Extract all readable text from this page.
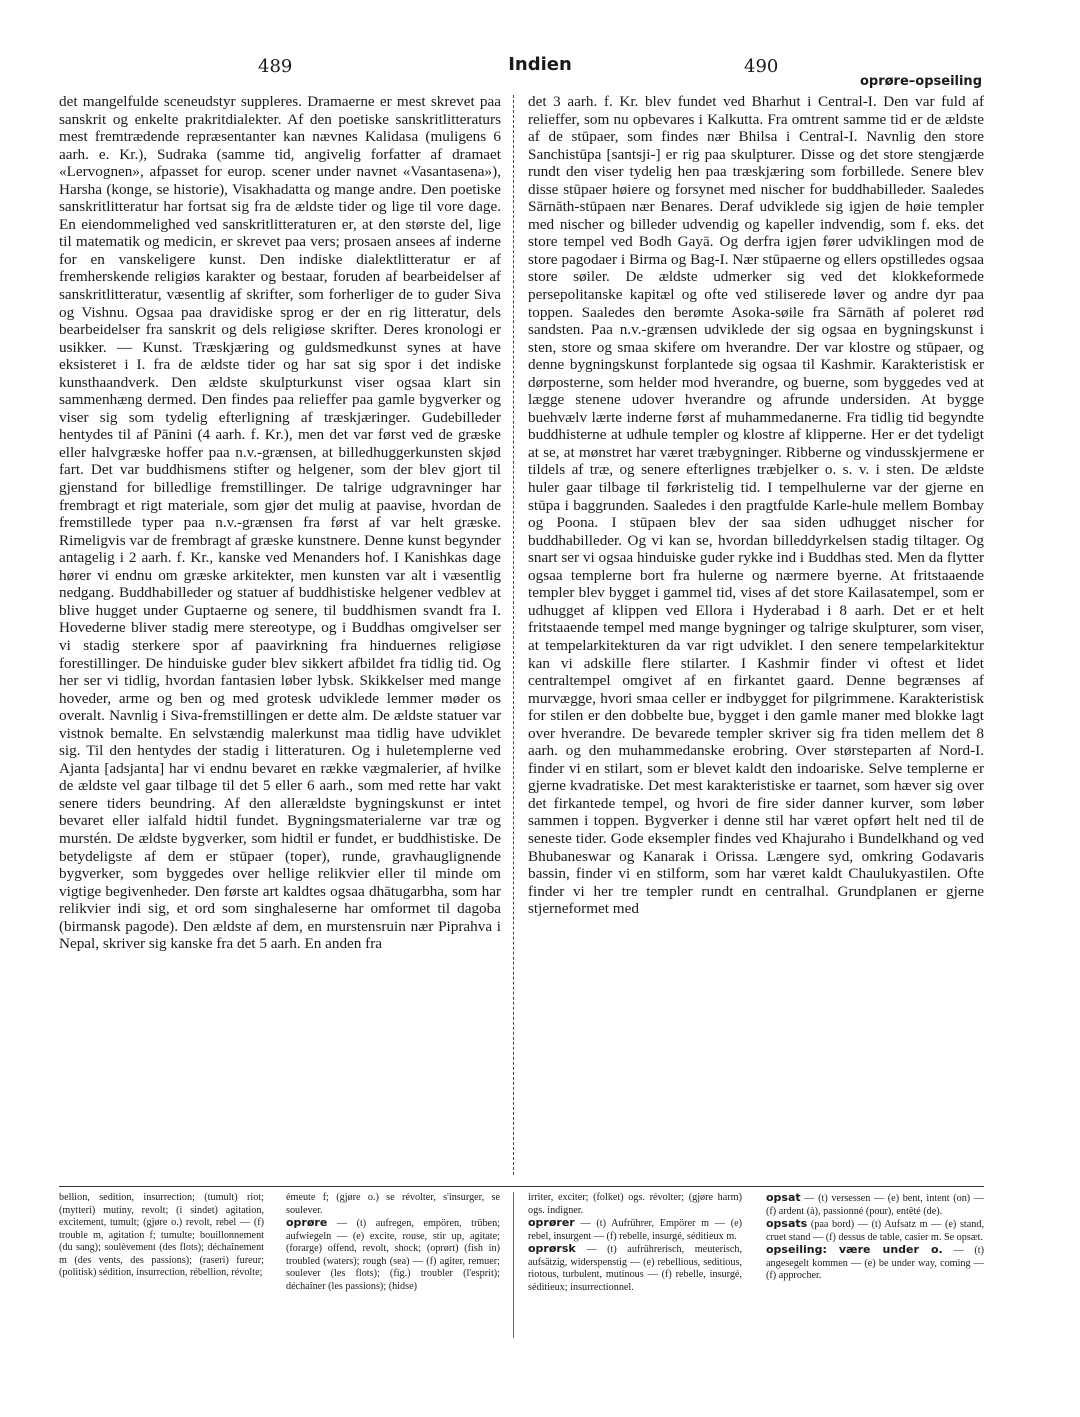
489	Indien	490
oprøre–opseiling

det mangelfulde sceneudstyr suppleres. Dramaerne er mest skrevet paa sanskrit og enkelte prakritdialekter. Af den poetiske sanskritlitteraturs mest fremtrædende repræsentanter kan nævnes Kalidasa (muligens 6 aarh. e. Kr.), Sudraka (samme tid, angivelig forfatter af dramaet «Lervognen», afpasset for europ. scener under navnet «Vasantasena»), Harsha (konge, se historie), Visakhadatta og mange andre. Den poetiske sanskritlitteratur har fortsat sig fra de ældste tider og lige til vore dage. En eiendommelighed ved sanskritlitteraturen er, at den største del, lige til matematik og medicin, er skrevet paa vers; prosaen ansees af inderne for en vanskeligere kunst. Den indiske dialektlitteratur er af fremherskende religiøs karakter og bestaar, foruden af bearbeidelser af sanskritlitteratur, væsentlig af skrifter, som forherliger de to guder Siva og Vishnu. Ogsaa paa dravidiske sprog er der en rig litteratur, dels bearbeidelser fra sanskrit og dels religiøse skrifter. Deres kronologi er usikker. — Kunst. Træskjæring og guldsmedkunst synes at have eksisteret i I. fra de ældste tider og har sat sig spor i det indiske kunsthaandverk. Den ældste skulpturkunst viser ogsaa klart sin sammenhæng dermed. Den findes paa relieffer paa gamle bygverker og viser sig som tydelig efterligning af træskjæringer. Gudebilleder hentydes til af Pānini (4 aarh. f. Kr.), men det var først ved de græske eller halvgræske hoffer paa n.v.-grænsen, at billedhuggerkunsten skjød fart. Det var buddhismens stifter og helgener, som der blev gjort til gjenstand for billedlige fremstillinger. De talrige udgravninger har frembragt et rigt materiale, som gjør det mulig at paavise, hvordan de fremstillede typer paa n.v.-grænsen fra først af var helt græske. Rimeligvis var de frembragt af græske kunstnere. Denne kunst begynder antagelig i 2 aarh. f. Kr., kanske ved Menanders hof. I Kanishkas dage hører vi endnu om græske arkitekter, men kunsten var alt i væsentlig nedgang. Buddhabilleder og statuer af buddhistiske helgener vedblev at blive hugget under Guptaerne og senere, til buddhismen svandt fra I. Hovederne bliver stadig mere stereotype, og i Buddhas omgivelser ser vi stadig sterkere spor af paavirkning fra hinduernes religiøse forestillinger. De hinduiske guder blev sikkert afbildet fra tidlig tid. Og her ser vi tidlig, hvordan fantasien løber lybsk. Skikkelser med mange hoveder, arme og ben og med grotesk udviklede lemmer møder os overalt. Navnlig i Siva-fremstillingen er dette alm. De ældste statuer var vistnok bemalte. En selvstændig malerkunst maa tidlig have udviklet sig. Til den hentydes der stadig i litteraturen. Og i huletemplerne ved Ajanta [adsjanta] har vi endnu bevaret en række vægmalerier, af hvilke de ældste vel gaar tilbage til det 5 eller 6 aarh., som med rette har vakt senere tiders beundring. Af den allerældste bygningskunst er intet bevaret eller ialfald hidtil fundet. Bygningsmaterialerne var træ og murstén. De ældste bygverker, som hidtil er fundet, er buddhistiske. De betydeligste af dem er stūpaer (toper), runde, gravhauglignende bygverker, som byggedes over hellige relikvier eller til minde om vigtige begivenheder. Den første art kaldtes ogsaa dhātugarbha, som har relikvier indi sig, et ord som singhaleserne har omformet til dagoba (birmansk pagode). Den ældste af dem, en murstensruin nær Piprahva i Nepal, skriver sig kanske fra det 5 aarh. En anden fra

det 3 aarh. f. Kr. blev fundet ved Bharhut i Central-I. Den var fuld af relieffer, som nu opbevares i Kalkutta. Fra omtrent samme tid er de ældste af de stūpaer, som findes nær Bhilsa i Central-I. Navnlig den store Sanchistūpa [santsji-] er rig paa skulpturer. Disse og det store stengjærde rundt den viser tydelig hen paa træskjæring som forbillede. Senere blev disse stūpaer høiere og forsynet med nischer for buddhabilleder. Saaledes Sārnāth-stūpaen nær Benares. Deraf udviklede sig igjen de høie templer med nischer og billeder udvendig og kapeller indvendig, som f. eks. det store tempel ved Bodh Gayā. Og derfra igjen fører udviklingen mod de store pagodaer i Birma og Bag-I. Nær stūpaerne og ellers opstilledes ogsaa store søiler. De ældste udmerker sig ved det klokkeformede persepolitanske kapitæl og ofte ved stiliserede løver og andre dyr paa toppen. Saaledes den berømte Asoka-søile fra Sārnāth af poleret rød sandsten. Paa n.v.-grænsen udviklede der sig ogsaa en bygningskunst i sten, store og smaa skifere om hverandre. Der var klostre og stūpaer, og denne bygningskunst forplantede sig ogsaa til Kashmir. Karakteristisk er dørposterne, som helder mod hverandre, og buerne, som byggedes ved at lægge stenene udover hverandre og afrunde undersiden. At bygge buehvælv lærte inderne først af muhammedanerne. Fra tidlig tid begyndte buddhisterne at udhule templer og klostre af klipperne. Her er det tydeligt at se, at mønstret har været træbygninger. Ribberne og vindusskjermene er tildels af træ, og senere efterlignes træbjelker o. s. v. i sten. De ældste huler gaar tilbage til førkristelig tid. I tempelhulerne var der gjerne en stūpa i baggrunden. Saaledes i den pragtfulde Karle-hule mellem Bombay og Poona. I stūpaen blev der saa siden udhugget nischer for buddhabilleder. Og vi kan se, hvordan billeddyrkelsen stadig tiltager. Og snart ser vi ogsaa hinduiske guder rykke ind i Buddhas sted. Men da flytter ogsaa templerne bort fra hulerne og nærmere byerne. At fritstaaende templer blev bygget i gammel tid, vises af det store Kailasatempel, som er udhugget af klippen ved Ellora i Hyderabad i 8 aarh. Det er et helt fritstaaende tempel med mange bygninger og talrige skulpturer, som viser, at tempelarkitekturen da var rigt udviklet. I den senere tempelarkitektur kan vi adskille flere stilarter. I Kashmir finder vi oftest et lidet centraltempel omgivet af en firkantet gaard. Denne begrænses af murvægge, hvori smaa celler er indbygget for pilgrimmene. Karakteristisk for stilen er den dobbelte bue, bygget i den gamle maner med blokke lagt over hverandre. De bevarede templer skriver sig fra tiden mellem det 8 aarh. og den muhammedanske erobring. Over størsteparten af Nord-I. finder vi en stilart, som er blevet kaldt den indoariske. Selve templerne er gjerne kvadratiske. Det mest karakteristiske er taarnet, som hæver sig over det firkantede tempel, og hvori de fire sider danner kurver, som løber sammen i toppen. Bygverker i denne stil har været opført helt ned til de seneste tider. Gode eksempler findes ved Khajuraho i Bundelkhand og ved Bhubaneswar og Kanarak i Orissa. Længere syd, omkring Godavaris bassin, finder vi en stilform, som har været kaldt Chaulukyastilen. Ofte finder vi her tre templer rundt en centralhal. Grundplanen er gjerne stjerneformet med

bellion, sedition, insurrection; (tumult) riot; (mytteri) mutiny, revolt; (i sindet) agitation, excitement, tumult; (gjøre o.) revolt, rebel — (f) trouble m, agitation f; tumulte; bouillonnement (du sang); soulèvement (des flots); déchaînement m (des vents, des passions); (raseri) fureur; (politisk) sédition, insurrection, rébellion, révolte;

émeute f; (gjøre o.) se révolter, s'insurger, se soulever.

oprøre — (t) aufregen, empören, trüben; aufwiegeln — (e) excite, rouse, stir up, agitate; (forarge) offend, revolt, shock; (oprørt) (fish in) troubled (waters); rough (sea) — (f) agiter, remuer; soulever (les flots); (fig.) troubler (l'esprit); déchaîner (les passions); (hidse)

irriter, exciter; (folket) ogs. révolter; (gjøre harm) ogs. indigner.

oprører — (t) Aufrührer, Empörer m — (e) rebel, insurgent — (f) rebelle, insurgé, séditieux m.

oprørsk — (t) aufrührerisch, meuterisch, aufsätzig, widerspenstig — (e) rebellious, seditious, riotous, turbulent, mutinous — (f) rebelle, insurgé, séditieux; insurrectionnel.

opsat — (t) versessen — (e) bent, intent (on) — (f) ardent (à), passionné (pour), entêté (de).

opsats (paa bord) — (t) Aufsatz m — (e) stand, cruet stand — (f) dessus de table, casier m. Se opsæt.

opseiling: være under o. — (t) angesegelt kommen — (e) be under way, coming — (f) approcher.
